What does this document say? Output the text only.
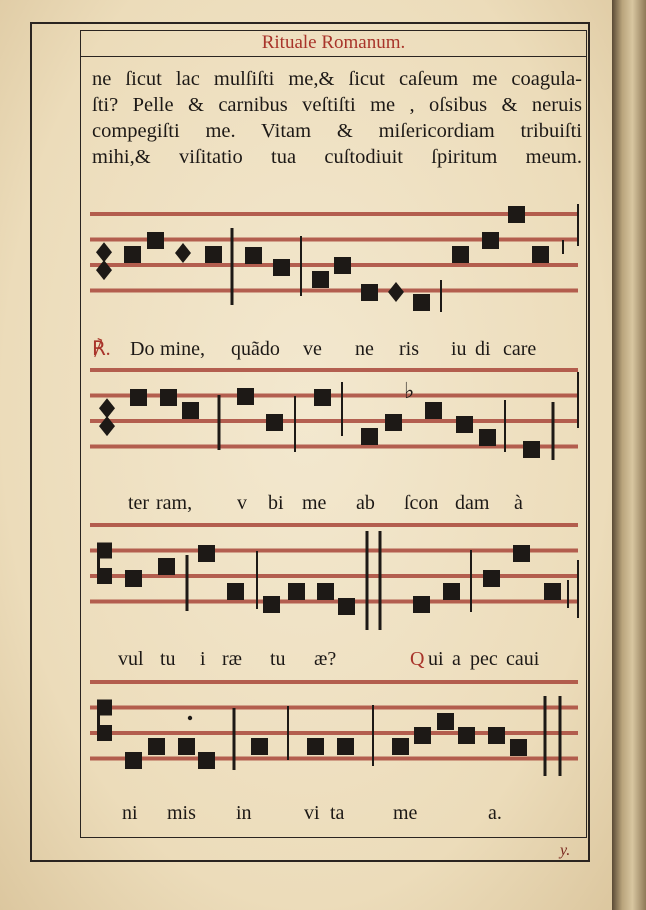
Rituale Romanum.
ne ſicut lac mulſiſti me,& ſicut caſeum me coagula-
ſti? Pelle & carnibus veſtiſti me , oſsibus & neruis
compegiſti me. Vitam & miſericordiam tribuiſti
mihi,& viſitatio tua cuſtodiuit ſpiritum meum.
♭
℟. Do mine, quãdo ve ne ris iu di care
ter ram, v bi me ab ſcon dam à
vul tu i ræ tu æ?	Q ui a pec caui
ni mis in	vi ta me	a.
y.
